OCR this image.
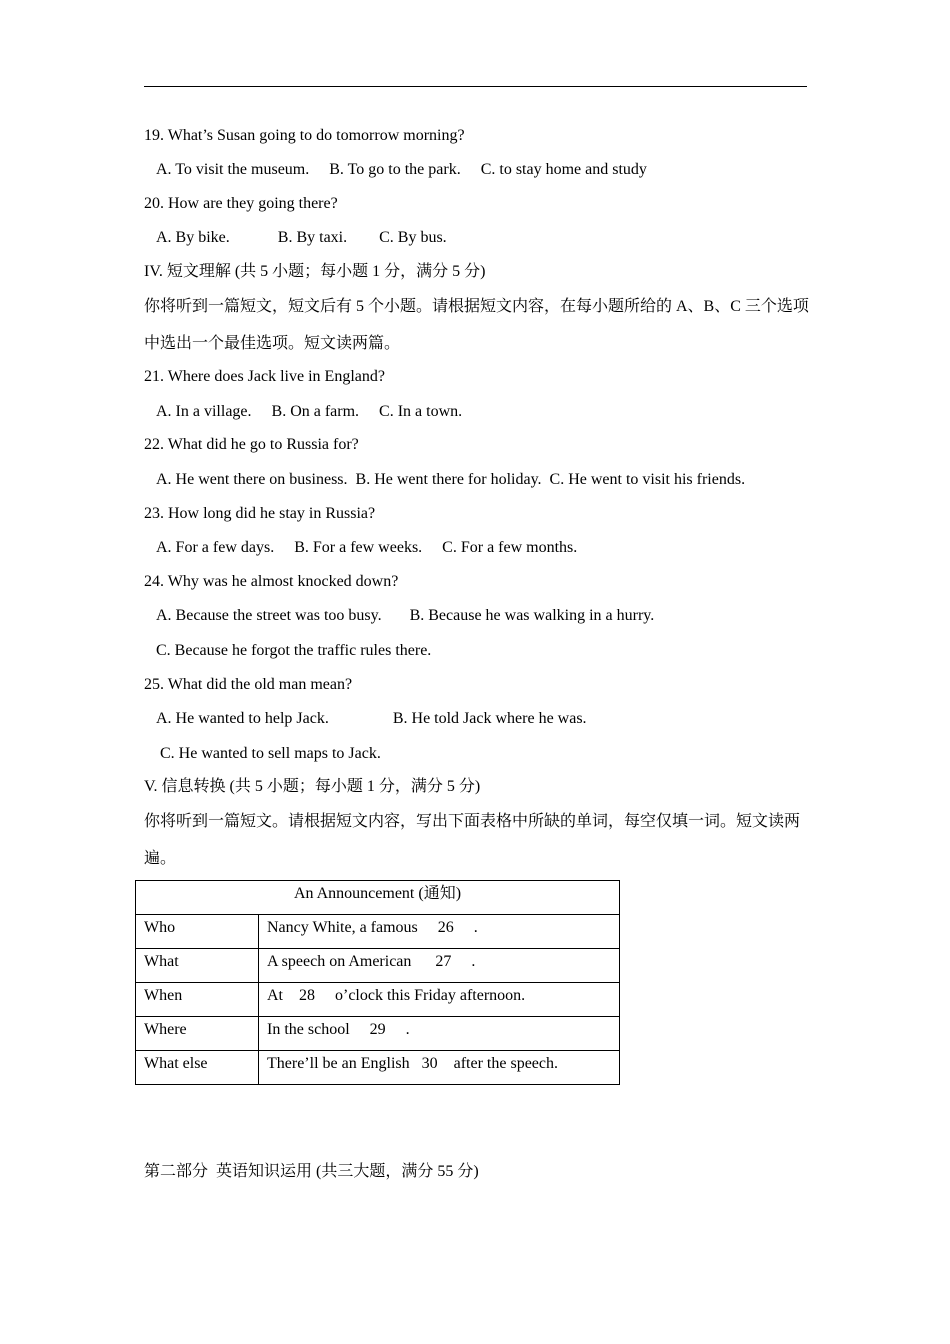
19. What’s Susan going to do tomorrow morning?
A. To visit the museum.     B. To go to the park.     C. to stay home and study
20. How are they going there?
A. By bike.            B. By taxi.        C. By bus.
IV. 短文理解 (共 5 小题；每小题 1 分，满分 5 分)
你将听到一篇短文，短文后有 5 个小题。请根据短文内容，在每小题所给的 A、B、C 三个选项中选出一个最佳选项。短文读两篇。
21. Where does Jack live in England?
A. In a village.     B. On a farm.     C. In a town.
22. What did he go to Russia for?
A. He went there on business.  B. He went there for holiday.  C. He went to visit his friends.
23. How long did he stay in Russia?
A. For a few days.     B. For a few weeks.     C. For a few months.
24. Why was he almost knocked down?
A. Because the street was too busy.       B. Because he was walking in a hurry.
C. Because he forgot the traffic rules there.
25. What did the old man mean?
A. He wanted to help Jack.                B. He told Jack where he was.
C. He wanted to sell maps to Jack.
V. 信息转换 (共 5 小题；每小题 1 分，满分 5 分)
你将听到一篇短文。请根据短文内容，写出下面表格中所缺的单词，每空仅填一词。短文读两遍。
An Announcement (通知)	
Who	Nancy White, a famous     26     .
What	A speech on American      27     .
When	At    28     o’clock this Friday afternoon.
Where	In the school     29     .
What else	There’ll be an English   30    after the speech.
第二部分  英语知识运用 (共三大题，满分 55 分)
